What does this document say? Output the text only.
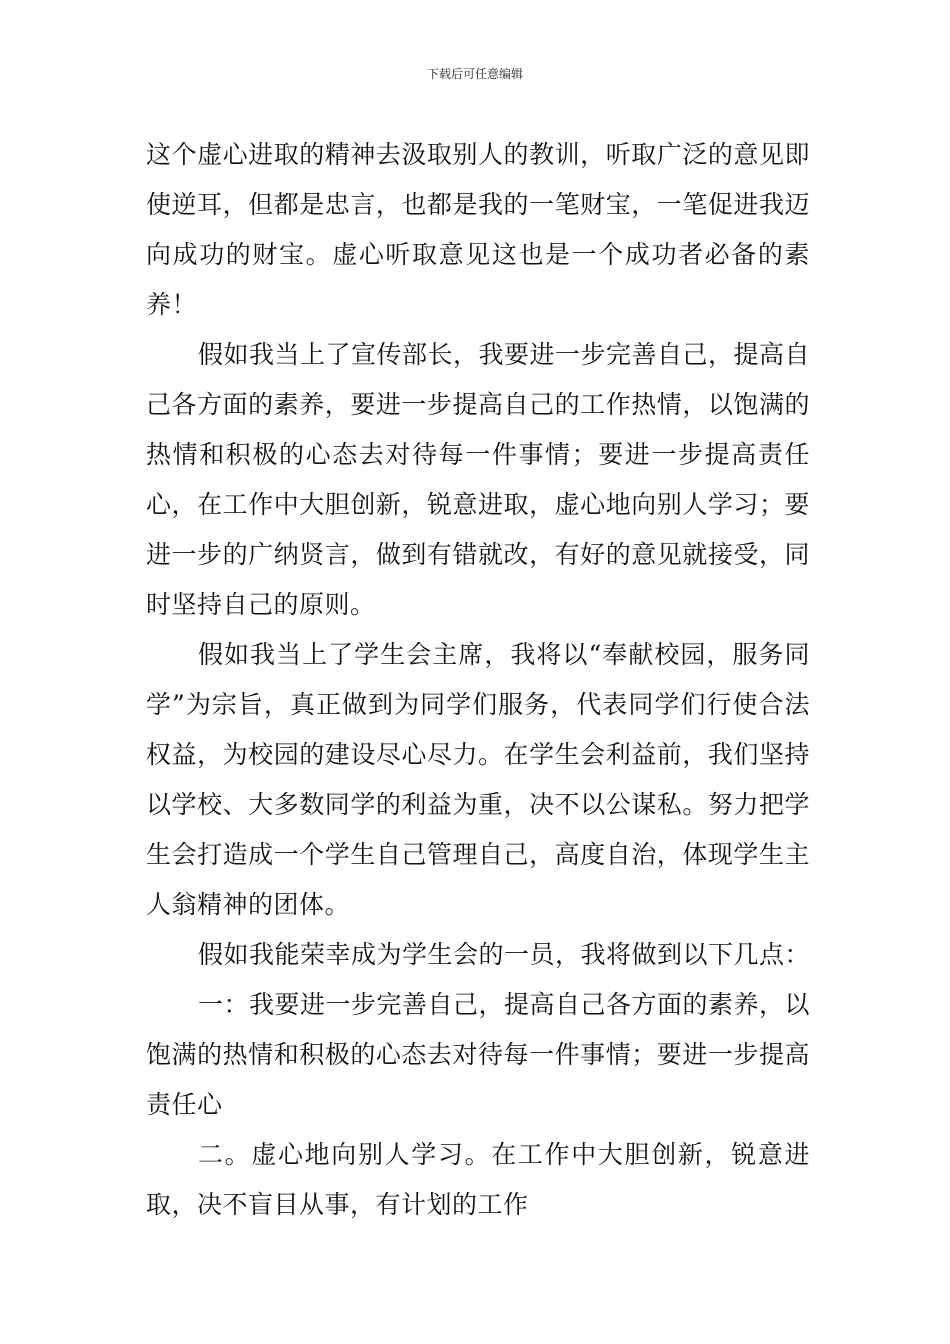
下载后可任意编辑

这个虚心进取的精神去汲取别人的教训，听取广泛的意见即使逆耳，但都是忠言，也都是我的一笔财宝，一笔促进我迈向成功的财宝。虚心听取意见这也是一个成功者必备的素养！

假如我当上了宣传部长，我要进一步完善自己，提高自己各方面的素养，要进一步提高自己的工作热情，以饱满的热情和积极的心态去对待每一件事情；要进一步提高责任心，在工作中大胆创新，锐意进取，虚心地向别人学习；要进一步的广纳贤言，做到有错就改，有好的意见就接受，同时坚持自己的原则。

假如我当上了学生会主席，我将以“奉献校园，服务同学”为宗旨，真正做到为同学们服务，代表同学们行使合法权益，为校园的建设尽心尽力。在学生会利益前，我们坚持以学校、大多数同学的利益为重，决不以公谋私。努力把学生会打造成一个学生自己管理自己，高度自治，体现学生主人翁精神的团体。

假如我能荣幸成为学生会的一员，我将做到以下几点：

一：我要进一步完善自己，提高自己各方面的素养，以饱满的热情和积极的心态去对待每一件事情；要进一步提高责任心

二。虚心地向别人学习。在工作中大胆创新，锐意进取，决不盲目从事，有计划的工作
